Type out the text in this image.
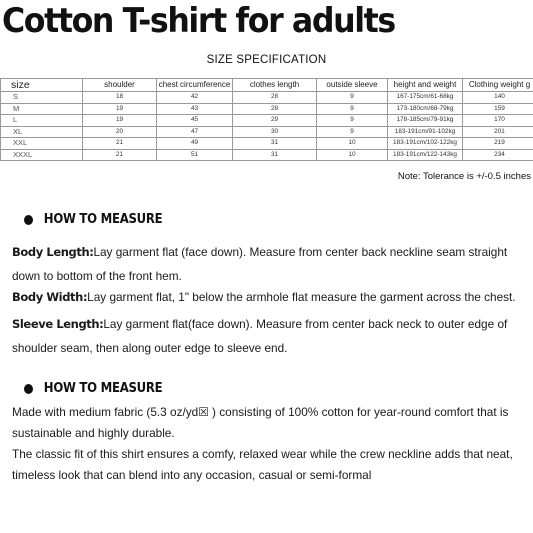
Cotton T-shirt for adults
SIZE SPECIFICATION
size	shoulder	chest circumference	clothes length	outside sleeve	height and weight	Clothing weight g
S	18	42	28	9	167-175cm/61-68kg	140
M	19	43	28	9	173-180cm/68-79kg	159
L	19	45	29	9	178-185cm/79-91kg	170
XL	20	47	30	9	183-191cm/91-102kg	201
XXL	21	49	31	10	183-191cm/102-122kg	219
XXXL	21	51	31	10	183-191cm/122-143kg	234
Note: Tolerance is +/-0.5 inches
HOW TO MEASURE
Body Length:Lay garment flat (face down). Measure from center back neckline seam straight down to bottom of the front hem.
Body Width:Lay garment flat, 1" below the armhole flat measure the garment across the chest.
Sleeve Length:Lay garment flat(face down). Measure from center back neck to outer edge of shoulder seam, then along outer edge to sleeve end.
HOW TO MEASURE
Made with medium fabric (5.3 oz/yd☒ ) consisting of 100% cotton for year-round comfort that is sustainable and highly durable.
The classic fit of this shirt ensures a comfy, relaxed wear while the crew neckline adds that neat, timeless look that can blend into any occasion, casual or semi-formal
